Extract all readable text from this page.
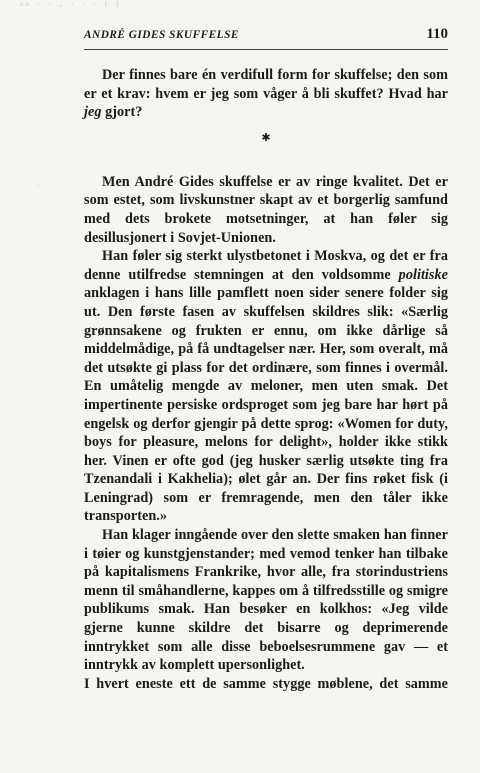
▫▫ · · , · · · | |
·
ANDRÉ GIDES SKUFFELSE	110

Der finnes bare én verdifull form for skuffelse; den som er et krav: hvem er jeg som våger å bli skuffet? Hvad har jeg gjort?

✱

Men André Gides skuffelse er av ringe kvalitet. Det er som estet, som livskunstner skapt av et borgerlig samfund med dets brokete motsetninger, at han føler sig desillusjonert i Sovjet-Unionen.

Han føler sig sterkt ulystbetonet i Moskva, og det er fra denne utilfredse stemningen at den voldsomme politiske anklagen i hans lille pamflett noen sider senere folder sig ut. Den første fasen av skuffelsen skildres slik: «Særlig grønnsakene og frukten er ennu, om ikke dårlige så middelmådige, på få undtagelser nær. Her, som overalt, må det utsøkte gi plass for det ordinære, som finnes i overmål. En umåtelig mengde av meloner, men uten smak. Det impertinente persiske ordsproget som jeg bare har hørt på engelsk og derfor gjengir på dette sprog: «Women for duty, boys for pleasure, melons for delight», holder ikke stikk her. Vinen er ofte god (jeg husker særlig utsøkte ting fra Tzenandali i Kakhelia); ølet går an. Der fins røket fisk (i Leningrad) som er fremragende, men den tåler ikke transporten.»

Han klager inngående over den slette smaken han finner i tøier og kunstgjenstander; med vemod tenker han tilbake på kapitalismens Frankrike, hvor alle, fra storindustriens menn til småhandlerne, kappes om å tilfredsstille og smigre publikums smak. Han besøker en kolkhos: «Jeg vilde gjerne kunne skildre det bisarre og deprimerende inntrykket som alle disse beboelsesrummene gav — et inntrykk av komplett upersonlighet.

I hvert eneste ett de samme stygge møblene, det samme
